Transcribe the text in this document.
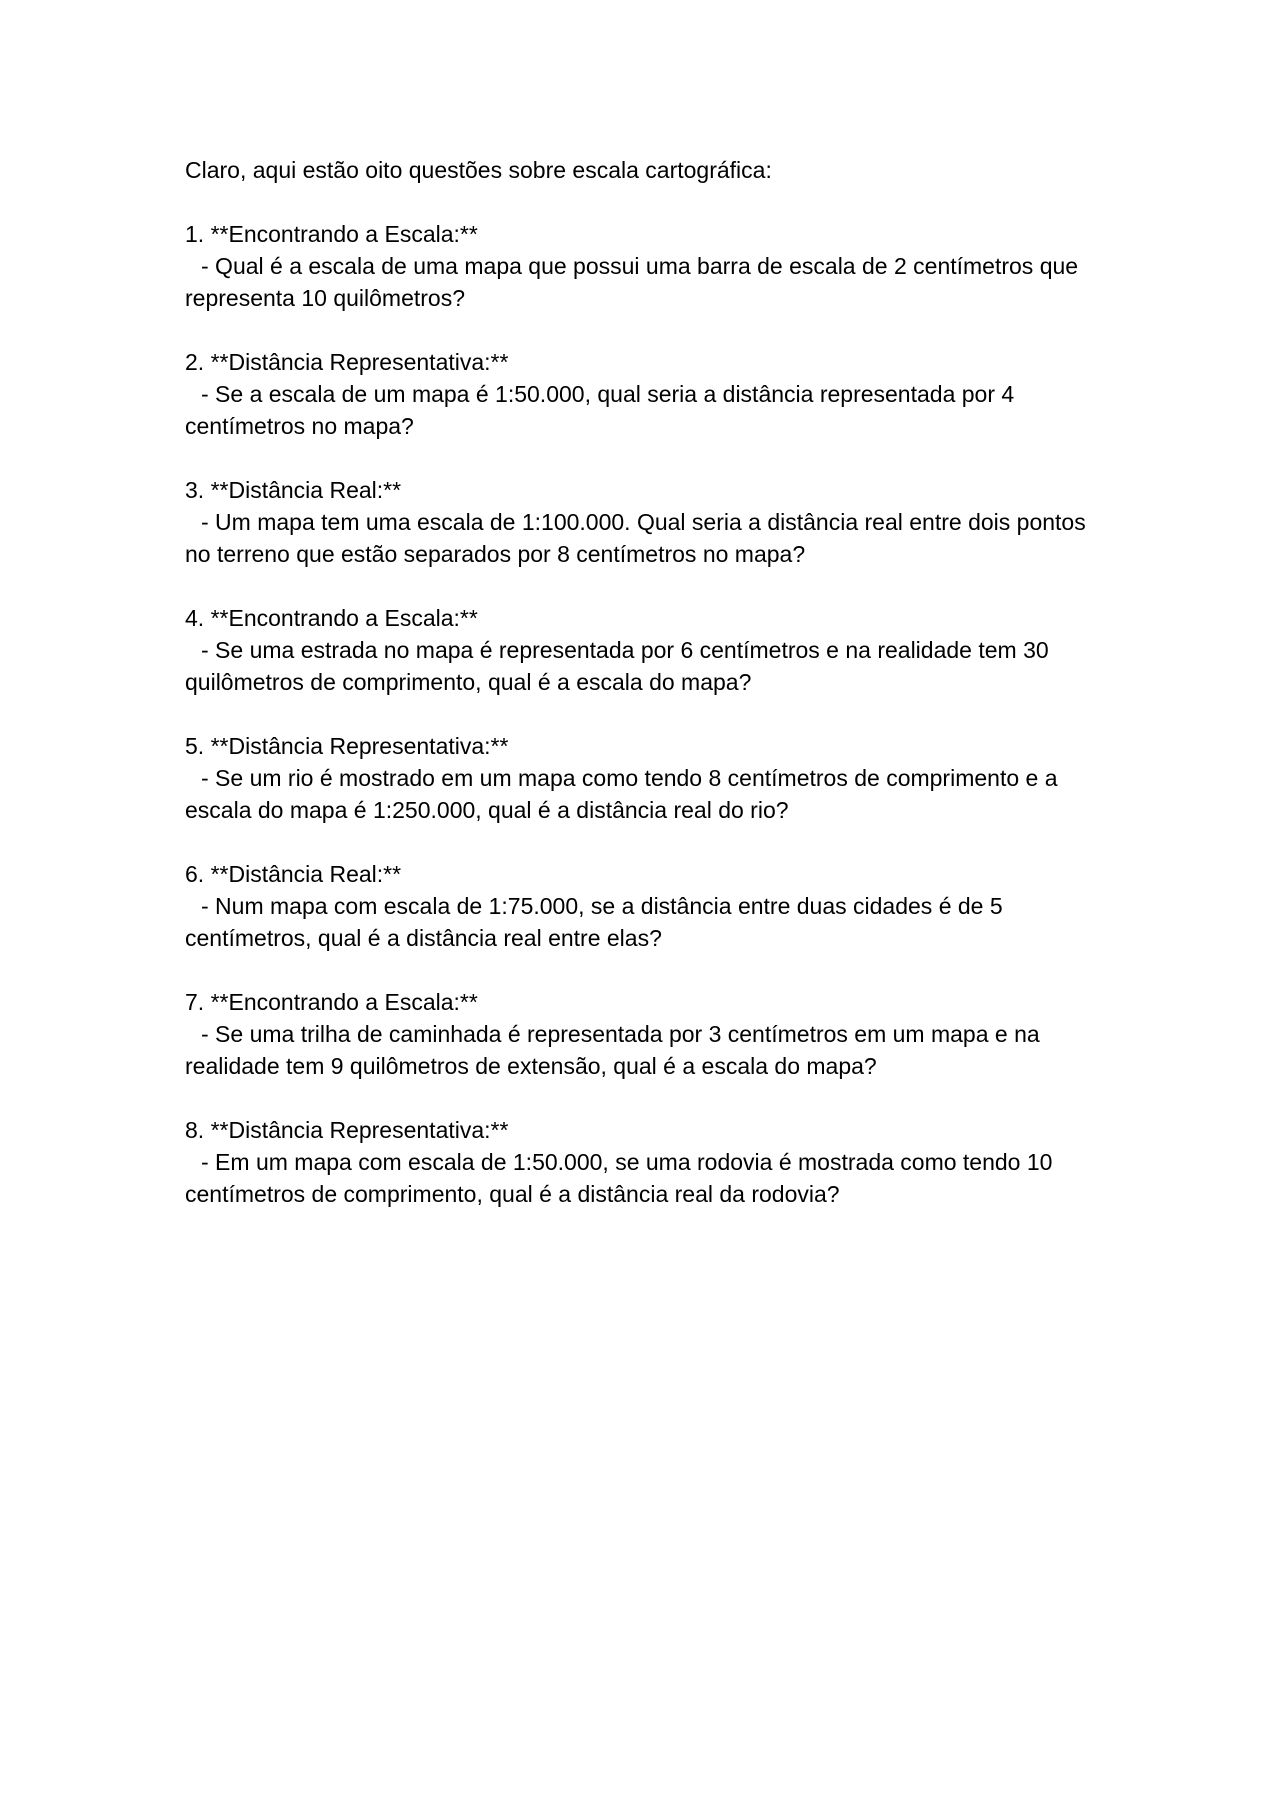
Claro, aqui estão oito questões sobre escala cartográfica:

1. **Encontrando a Escala:**

- Qual é a escala de uma mapa que possui uma barra de escala de 2 centímetros que representa 10 quilômetros?

2. **Distância Representativa:**

- Se a escala de um mapa é 1:50.000, qual seria a distância representada por 4 centímetros no mapa?

3. **Distância Real:**

- Um mapa tem uma escala de 1:100.000. Qual seria a distância real entre dois pontos no terreno que estão separados por 8 centímetros no mapa?

4. **Encontrando a Escala:**

- Se uma estrada no mapa é representada por 6 centímetros e na realidade tem 30 quilômetros de comprimento, qual é a escala do mapa?

5. **Distância Representativa:**

- Se um rio é mostrado em um mapa como tendo 8 centímetros de comprimento e a escala do mapa é 1:250.000, qual é a distância real do rio?

6. **Distância Real:**

- Num mapa com escala de 1:75.000, se a distância entre duas cidades é de 5 centímetros, qual é a distância real entre elas?

7. **Encontrando a Escala:**

- Se uma trilha de caminhada é representada por 3 centímetros em um mapa e na realidade tem 9 quilômetros de extensão, qual é a escala do mapa?

8. **Distância Representativa:**

- Em um mapa com escala de 1:50.000, se uma rodovia é mostrada como tendo 10 centímetros de comprimento, qual é a distância real da rodovia?
